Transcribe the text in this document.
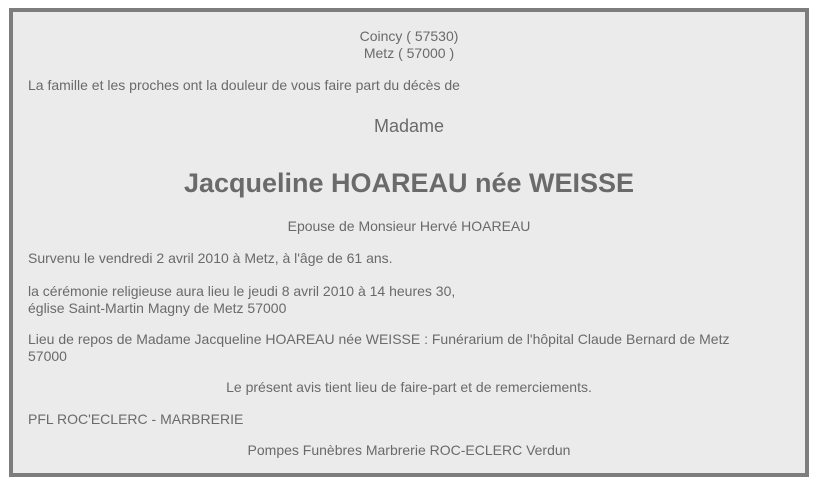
Coincy ( 57530)
Metz ( 57000 )
La famille et les proches ont la douleur de vous faire part du décès de
Madame
Jacqueline HOAREAU née WEISSE
Epouse de Monsieur Hervé HOAREAU
Survenu le vendredi 2 avril 2010 à Metz, à l'âge de 61 ans.
la cérémonie religieuse aura lieu le jeudi 8 avril 2010 à 14 heures 30,
église Saint-Martin Magny de Metz 57000
Lieu de repos de Madame Jacqueline HOAREAU née WEISSE : Funérarium de l'hôpital Claude Bernard de Metz
57000
Le présent avis tient lieu de faire-part et de remerciements.
PFL ROC'ECLERC - MARBRERIE
Pompes Funèbres Marbrerie ROC-ECLERC Verdun
